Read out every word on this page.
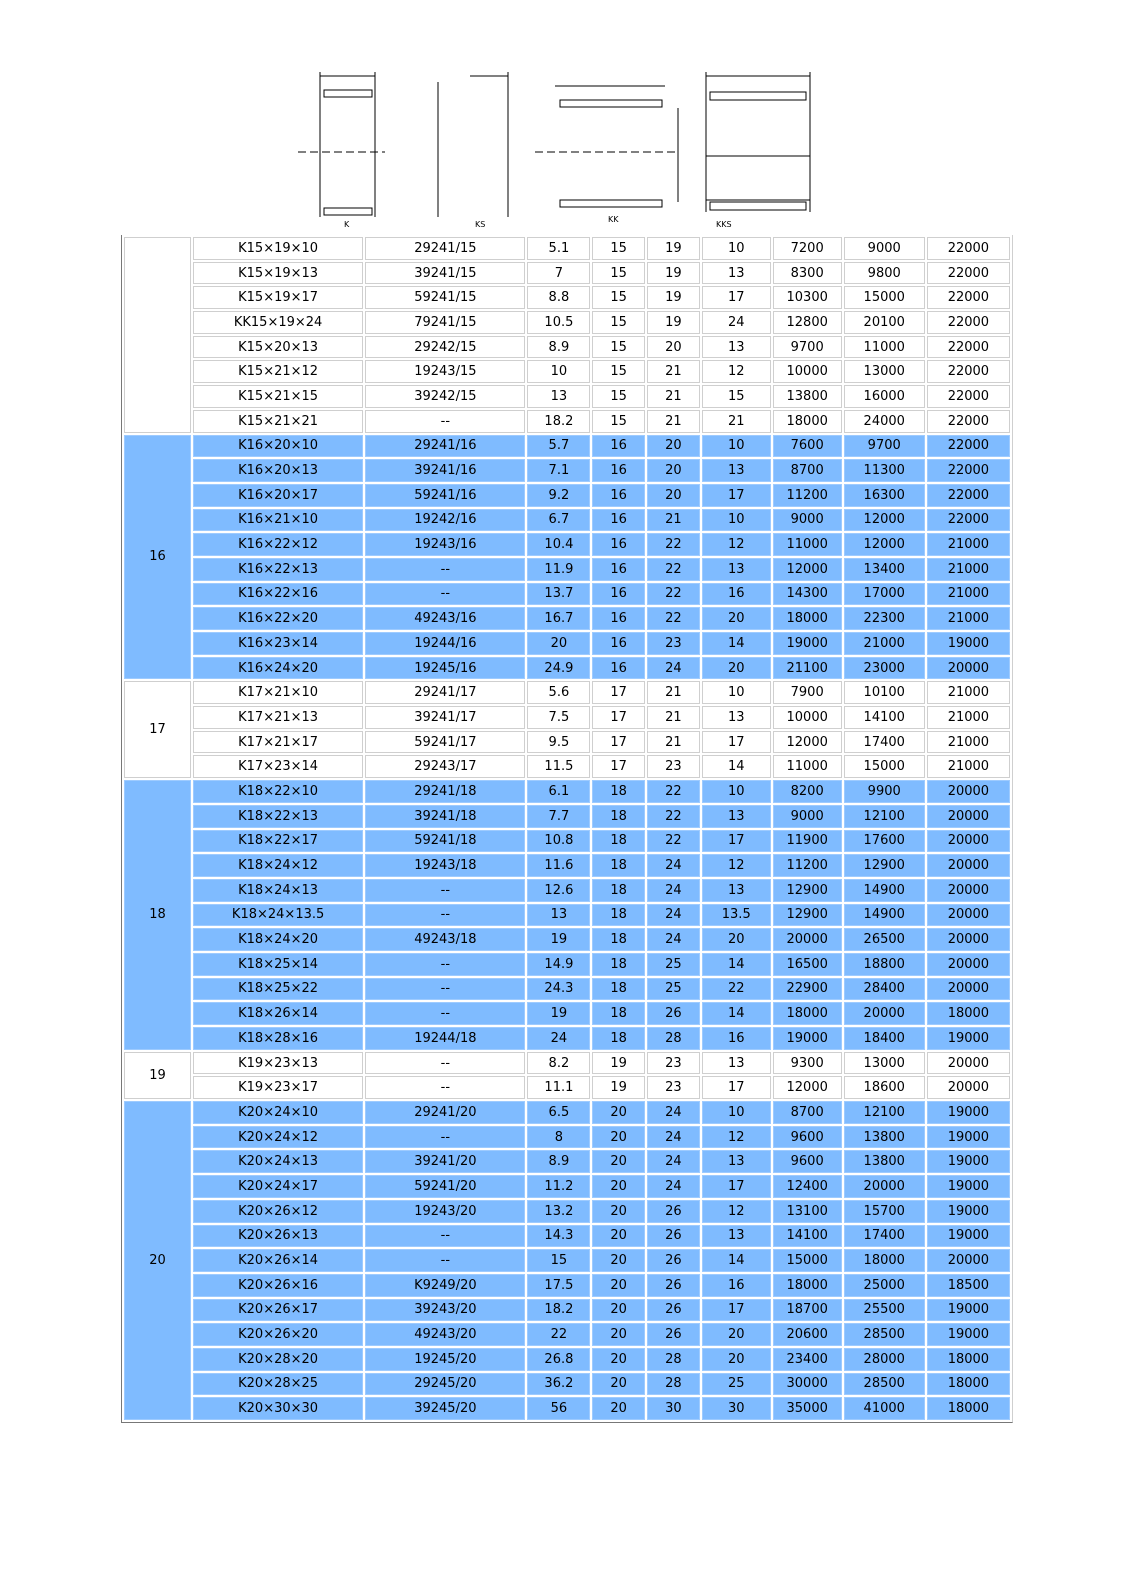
K	KS
KK
KKS
	K15×19×10	29241/15	5.1	15	19	10	7200	9000	22000
	K15×19×13	39241/15	7	15	19	13	8300	9800	22000
	K15×19×17	59241/15	8.8	15	19	17	10300	15000	22000
	KK15×19×24	79241/15	10.5	15	19	24	12800	20100	22000
	K15×20×13	29242/15	8.9	15	20	13	9700	11000	22000
	K15×21×12	19243/15	10	15	21	12	10000	13000	22000
	K15×21×15	39242/15	13	15	21	15	13800	16000	22000
	K15×21×21	--	18.2	15	21	21	18000	24000	22000
16	K16×20×10	29241/16	5.7	16	20	10	7600	9700	22000
	K16×20×13	39241/16	7.1	16	20	13	8700	11300	22000
	K16×20×17	59241/16	9.2	16	20	17	11200	16300	22000
	K16×21×10	19242/16	6.7	16	21	10	9000	12000	22000
	K16×22×12	19243/16	10.4	16	22	12	11000	12000	21000
	K16×22×13	--	11.9	16	22	13	12000	13400	21000
	K16×22×16	--	13.7	16	22	16	14300	17000	21000
	K16×22×20	49243/16	16.7	16	22	20	18000	22300	21000
	K16×23×14	19244/16	20	16	23	14	19000	21000	19000
	K16×24×20	19245/16	24.9	16	24	20	21100	23000	20000
17	K17×21×10	29241/17	5.6	17	21	10	7900	10100	21000
	K17×21×13	39241/17	7.5	17	21	13	10000	14100	21000
	K17×21×17	59241/17	9.5	17	21	17	12000	17400	21000
	K17×23×14	29243/17	11.5	17	23	14	11000	15000	21000
18	K18×22×10	29241/18	6.1	18	22	10	8200	9900	20000
	K18×22×13	39241/18	7.7	18	22	13	9000	12100	20000
	K18×22×17	59241/18	10.8	18	22	17	11900	17600	20000
	K18×24×12	19243/18	11.6	18	24	12	11200	12900	20000
	K18×24×13	--	12.6	18	24	13	12900	14900	20000
	K18×24×13.5	--	13	18	24	13.5	12900	14900	20000
	K18×24×20	49243/18	19	18	24	20	20000	26500	20000
	K18×25×14	--	14.9	18	25	14	16500	18800	20000
	K18×25×22	--	24.3	18	25	22	22900	28400	20000
	K18×26×14	--	19	18	26	14	18000	20000	18000
	K18×28×16	19244/18	24	18	28	16	19000	18400	19000
19	K19×23×13	--	8.2	19	23	13	9300	13000	20000
	K19×23×17	--	11.1	19	23	17	12000	18600	20000
20	K20×24×10	29241/20	6.5	20	24	10	8700	12100	19000
	K20×24×12	--	8	20	24	12	9600	13800	19000
	K20×24×13	39241/20	8.9	20	24	13	9600	13800	19000
	K20×24×17	59241/20	11.2	20	24	17	12400	20000	19000
	K20×26×12	19243/20	13.2	20	26	12	13100	15700	19000
	K20×26×13	--	14.3	20	26	13	14100	17400	19000
	K20×26×14	--	15	20	26	14	15000	18000	20000
	K20×26×16	K9249/20	17.5	20	26	16	18000	25000	18500
	K20×26×17	39243/20	18.2	20	26	17	18700	25500	19000
	K20×26×20	49243/20	22	20	26	20	20600	28500	19000
	K20×28×20	19245/20	26.8	20	28	20	23400	28000	18000
	K20×28×25	29245/20	36.2	20	28	25	30000	28500	18000
	K20×30×30	39245/20	56	20	30	30	35000	41000	18000
